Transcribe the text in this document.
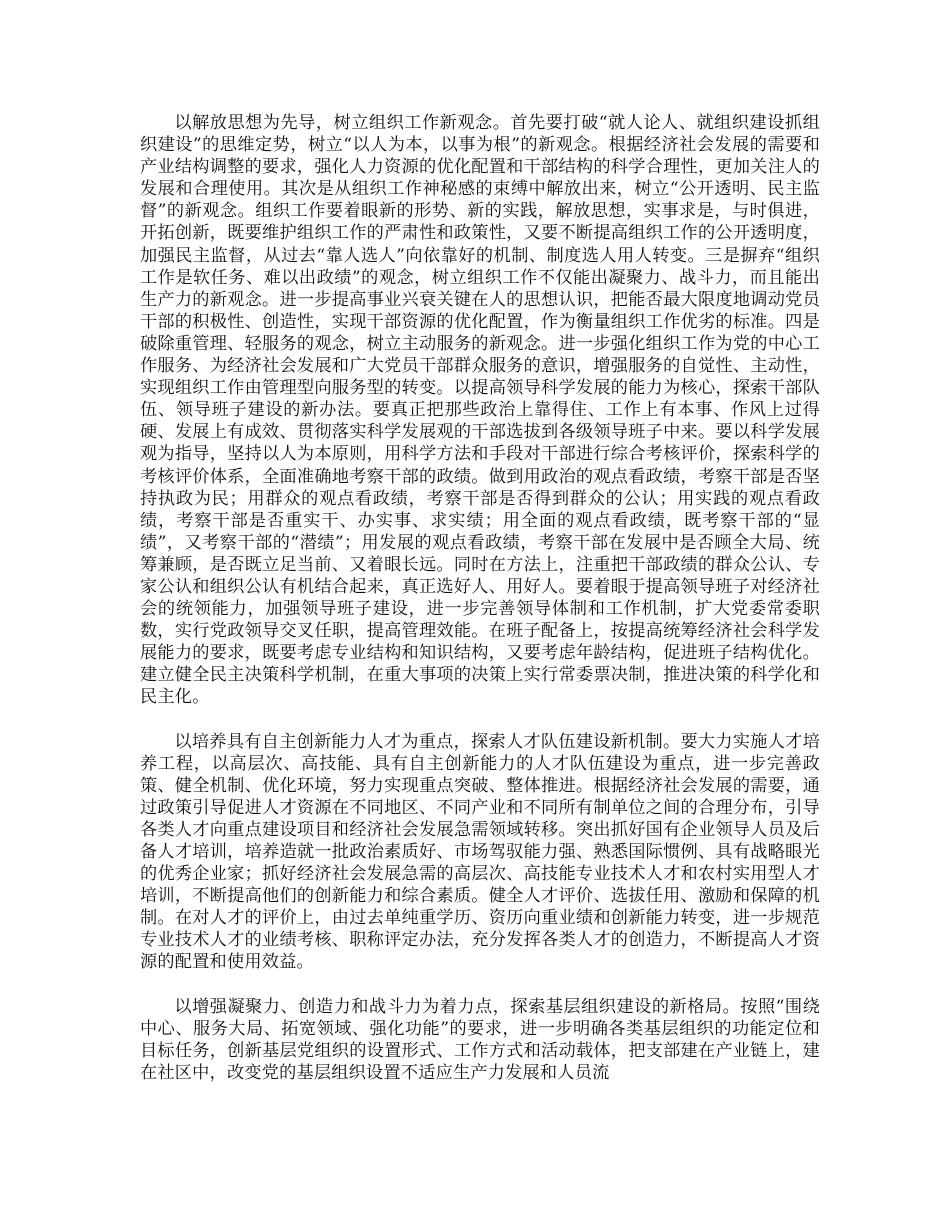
以解放思想为先导，树立组织工作新观念。首先要打破“就人论人、就组织建设抓组织建设”的思维定势，树立“以人为本，以事为根”的新观念。根据经济社会发展的需要和产业结构调整的要求，强化人力资源的优化配置和干部结构的科学合理性，更加关注人的发展和合理使用。其次是从组织工作神秘感的束缚中解放出来，树立“公开透明、民主监督”的新观念。组织工作要着眼新的形势、新的实践，解放思想，实事求是，与时俱进，开拓创新，既要维护组织工作的严肃性和政策性，又要不断提高组织工作的公开透明度，加强民主监督，从过去“靠人选人”向依靠好的机制、制度选人用人转变。三是摒弃“组织工作是软任务、难以出政绩”的观念，树立组织工作不仅能出凝聚力、战斗力，而且能出生产力的新观念。进一步提高事业兴衰关键在人的思想认识，把能否最大限度地调动党员干部的积极性、创造性，实现干部资源的优化配置，作为衡量组织工作优劣的标准。四是破除重管理、轻服务的观念，树立主动服务的新观念。进一步强化组织工作为党的中心工作服务、为经济社会发展和广大党员干部群众服务的意识，增强服务的自觉性、主动性，实现组织工作由管理型向服务型的转变。以提高领导科学发展的能力为核心，探索干部队伍、领导班子建设的新办法。要真正把那些政治上靠得住、工作上有本事、作风上过得硬、发展上有成效、贯彻落实科学发展观的干部选拔到各级领导班子中来。要以科学发展观为指导，坚持以人为本原则，用科学方法和手段对干部进行综合考核评价，探索科学的考核评价体系，全面准确地考察干部的政绩。做到用政治的观点看政绩，考察干部是否坚持执政为民；用群众的观点看政绩，考察干部是否得到群众的公认；用实践的观点看政绩，考察干部是否重实干、办实事、求实绩；用全面的观点看政绩，既考察干部的“显绩”，又考察干部的“潜绩”；用发展的观点看政绩，考察干部在发展中是否顾全大局、统筹兼顾，是否既立足当前、又着眼长远。同时在方法上，注重把干部政绩的群众公认、专家公认和组织公认有机结合起来，真正选好人、用好人。要着眼于提高领导班子对经济社会的统领能力，加强领导班子建设，进一步完善领导体制和工作机制，扩大党委常委职数，实行党政领导交叉任职，提高管理效能。在班子配备上，按提高统筹经济社会科学发展能力的要求，既要考虑专业结构和知识结构，又要考虑年龄结构，促进班子结构优化。建立健全民主决策科学机制，在重大事项的决策上实行常委票决制，推进决策的科学化和民主化。

以培养具有自主创新能力人才为重点，探索人才队伍建设新机制。要大力实施人才培养工程，以高层次、高技能、具有自主创新能力的人才队伍建设为重点，进一步完善政策、健全机制、优化环境，努力实现重点突破、整体推进。根据经济社会发展的需要，通过政策引导促进人才资源在不同地区、不同产业和不同所有制单位之间的合理分布，引导各类人才向重点建设项目和经济社会发展急需领域转移。突出抓好国有企业领导人员及后备人才培训，培养造就一批政治素质好、市场驾驭能力强、熟悉国际惯例、具有战略眼光的优秀企业家；抓好经济社会发展急需的高层次、高技能专业技术人才和农村实用型人才培训，不断提高他们的创新能力和综合素质。健全人才评价、选拔任用、激励和保障的机制。在对人才的评价上，由过去单纯重学历、资历向重业绩和创新能力转变，进一步规范专业技术人才的业绩考核、职称评定办法，充分发挥各类人才的创造力，不断提高人才资源的配置和使用效益。

以增强凝聚力、创造力和战斗力为着力点，探索基层组织建设的新格局。按照“围绕中心、服务大局、拓宽领域、强化功能”的要求，进一步明确各类基层组织的功能定位和目标任务，创新基层党组织的设置形式、工作方式和活动载体，把支部建在产业链上，建在社区中，改变党的基层组织设置不适应生产力发展和人员流
